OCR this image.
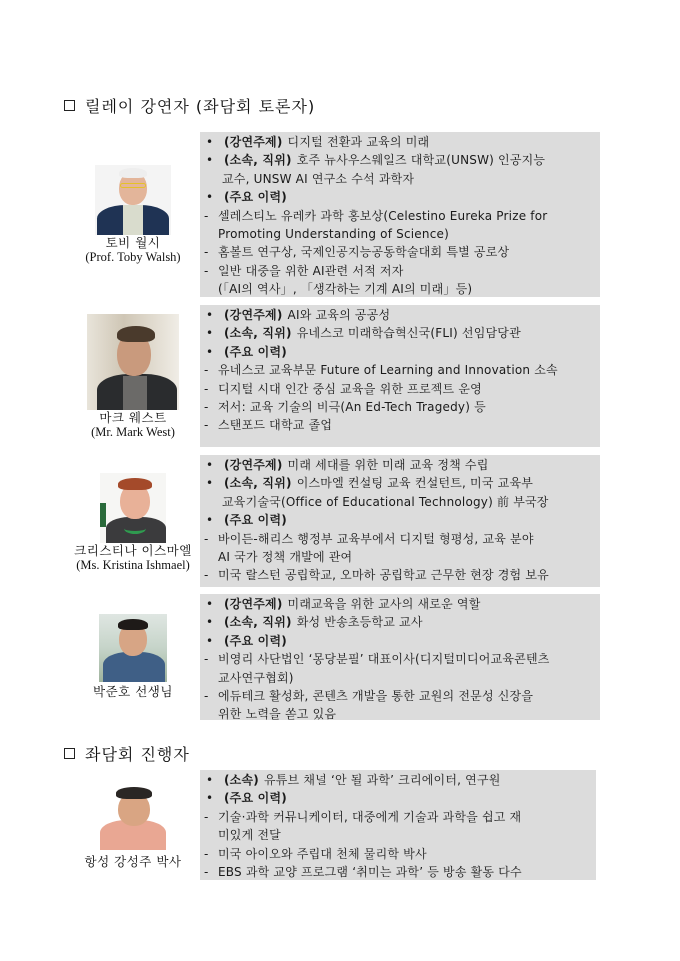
릴레이 강연자 (좌담회 토론자)
토비 월시
(Prof. Toby Walsh)
• (강연주제) 디지털 전환과 교육의 미래
• (소속, 직위) 호주 뉴사우스웨일즈 대학교(UNSW) 인공지능
교수, UNSW AI 연구소 수석 과학자
• (주요 이력)
- 셀레스티노 유레카 과학 홍보상(Celestino Eureka Prize for
Promoting Understanding of Science)
- 홈볼트 연구상, 국제인공지능공동학술대회 특별 공로상
- 일반 대중을 위한 AI관련 서적 저자
(「AI의 역사」, 「생각하는 기계 AI의 미래」등)
마크 웨스트
(Mr. Mark West)
• (강연주제) AI와 교육의 공공성
• (소속, 직위) 유네스코 미래학습혁신국(FLI) 선임담당관
• (주요 이력)
- 유네스코 교육부문 Future of Learning and Innovation 소속
- 디지털 시대 인간 중심 교육을 위한 프로젝트 운영
- 저서: 교육 기술의 비극(An Ed-Tech Tragedy) 등
- 스탠포드 대학교 졸업
크리스티나 이스마엘
(Ms. Kristina Ishmael)
• (강연주제) 미래 세대를 위한 미래 교육 정책 수립
• (소속, 직위) 이스마엘 컨설팅 교육 컨설턴트, 미국 교육부
교육기술국(Office of Educational Technology) 前 부국장
• (주요 이력)
- 바이든-해리스 행정부 교육부에서 디지털 형평성, 교육 분야
AI 국가 정책 개발에 관여
- 미국 랄스턴 공립학교, 오마하 공립학교 근무한 현장 경험 보유
박준호 선생님
• (강연주제) 미래교육을 위한 교사의 새로운 역할
• (소속, 직위) 화성 반송초등학교 교사
• (주요 이력)
- 비영리 사단법인 ‘몽당분필’ 대표이사(디지털미디어교육콘텐츠
교사연구협회)
- 에듀테크 활성화, 콘텐츠 개발을 통한 교원의 전문성 신장을
위한 노력을 쏟고 있음
좌담회 진행자
항성 강성주 박사
• (소속) 유튜브 채널 ‘안 될 과학’ 크리에이터, 연구원
• (주요 이력)
- 기술·과학 커뮤니케이터, 대중에게 기술과 과학을 쉽고 재
미있게 전달
- 미국 아이오와 주립대 천체 물리학 박사
- EBS 과학 교양 프로그램 ‘취미는 과학’ 등 방송 활동 다수
